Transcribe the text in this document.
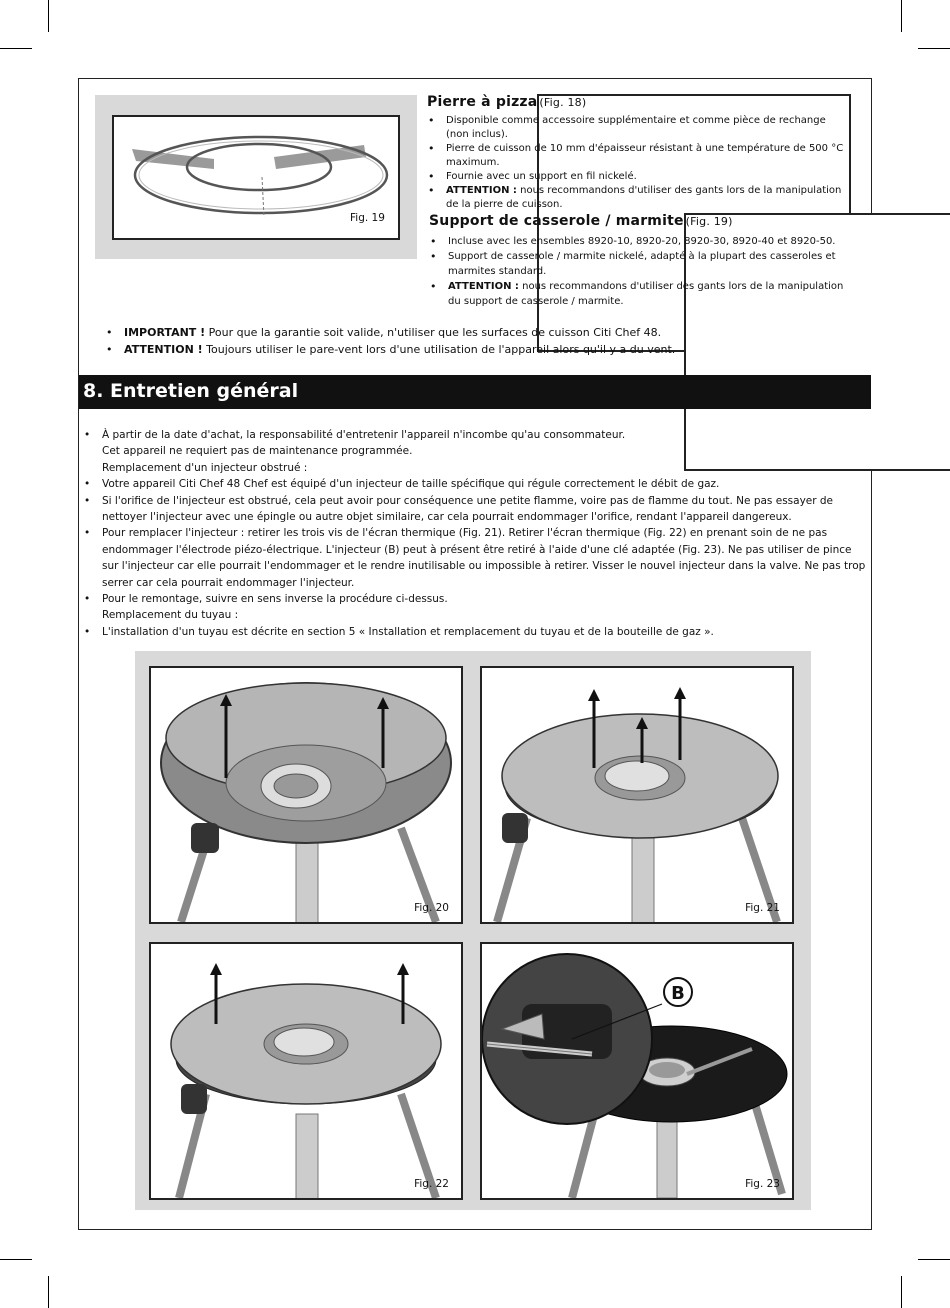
Fig. 19
Pierre à pizza (Fig. 18)
• Disponible comme accessoire supplémentaire et comme pièce de rechange (non inclus).
• Pierre de cuisson de 10 mm d'épaisseur résistant à une température de 500 °C maximum.
• Fournie avec un support en fil nickelé.
• ATTENTION : nous recommandons d'utiliser des gants lors de la manipulation de la pierre de cuisson.
Support de casserole / marmite (Fig. 19)
• Incluse avec les ensembles 8920-10, 8920-20, 8920-30, 8920-40 et 8920-50.
• Support de casserole / marmite nickelé, adapté à la plupart des casseroles et marmites standard.
• ATTENTION : nous recommandons d'utiliser des gants lors de la manipulation du support de casserole / marmite.
• IMPORTANT ! Pour que la garantie soit valide, n'utiliser que les surfaces de cuisson Citi Chef 48.
• ATTENTION ! Toujours utiliser le pare-vent lors d'une utilisation de l'appareil alors qu'il y a du vent.
8. Entretien général
• À partir de la date d'achat, la responsabilité d'entretenir l'appareil n'incombe qu'au consommateur.
Cet appareil ne requiert pas de maintenance programmée.
Remplacement d'un injecteur obstrué :
• Votre appareil Citi Chef 48 Chef est équipé d'un injecteur de taille spécifique qui régule correctement le débit de gaz.
• Si l'orifice de l'injecteur est obstrué, cela peut avoir pour conséquence une petite flamme, voire pas de flamme du tout. Ne pas essayer de nettoyer l'injecteur avec une épingle ou autre objet similaire, car cela pourrait endommager l'orifice, rendant l'appareil dangereux.
• Pour remplacer l'injecteur : retirer les trois vis de l'écran thermique (Fig. 21). Retirer l'écran thermique (Fig. 22) en prenant soin de ne pas endommager l'électrode piézo-électrique. L'injecteur (B) peut à présent être retiré à l'aide d'une clé adaptée (Fig. 23). Ne pas utiliser de pince sur l'injecteur car elle pourrait l'endommager et le rendre inutilisable ou impossible à retirer. Visser le nouvel injecteur dans la valve. Ne pas trop serrer car cela pourrait endommager l'injecteur.
• Pour le remontage, suivre en sens inverse la procédure ci-dessus.
Remplacement du tuyau :
• L'installation d'un tuyau est décrite en section 5 « Installation et remplacement du tuyau et de la bouteille de gaz ».
Fig. 20	Fig. 21
Fig. 22
B
Fig. 23
